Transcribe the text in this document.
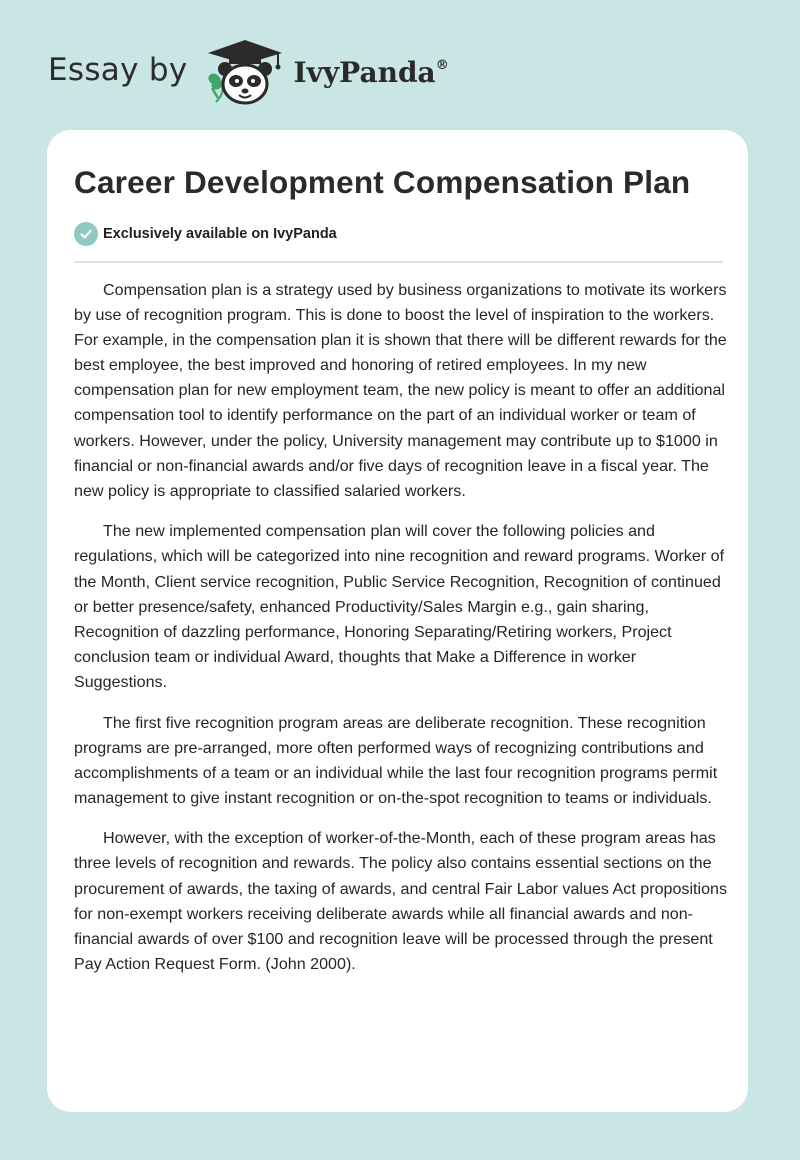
Essay by	IvyPanda®
Career Development Compensation Plan
Exclusively available on IvyPanda

Compensation plan is a strategy used by business organizations to motivate its workers by use of recognition program. This is done to boost the level of inspiration to the workers. For example, in the compensation plan it is shown that there will be different rewards for the best employee, the best improved and honoring of retired employees. In my new compensation plan for new employment team, the new policy is meant to offer an additional compensation tool to identify performance on the part of an individual worker or team of workers. However, under the policy, University management may contribute up to $1000 in financial or non-financial awards and/or five days of recognition leave in a fiscal year. The new policy is appropriate to classified salaried workers.

The new implemented compensation plan will cover the following policies and regulations, which will be categorized into nine recognition and reward programs. Worker of the Month, Client service recognition, Public Service Recognition, Recognition of continued or better presence/safety, enhanced Productivity/Sales Margin e.g., gain sharing, Recognition of dazzling performance, Honoring Separating/Retiring workers, Project conclusion team or individual Award, thoughts that Make a Difference in worker Suggestions.

The first five recognition program areas are deliberate recognition. These recognition programs are pre-arranged, more often performed ways of recognizing contributions and accomplishments of a team or an individual while the last four recognition programs permit management to give instant recognition or on-the-spot recognition to teams or individuals.

However, with the exception of worker-of-the-Month, each of these program areas has three levels of recognition and rewards. The policy also contains essential sections on the procurement of awards, the taxing of awards, and central Fair Labor values Act propositions for non-exempt workers receiving deliberate awards while all financial awards and non-financial awards of over $100 and recognition leave will be processed through the present Pay Action Request Form. (John 2000).
